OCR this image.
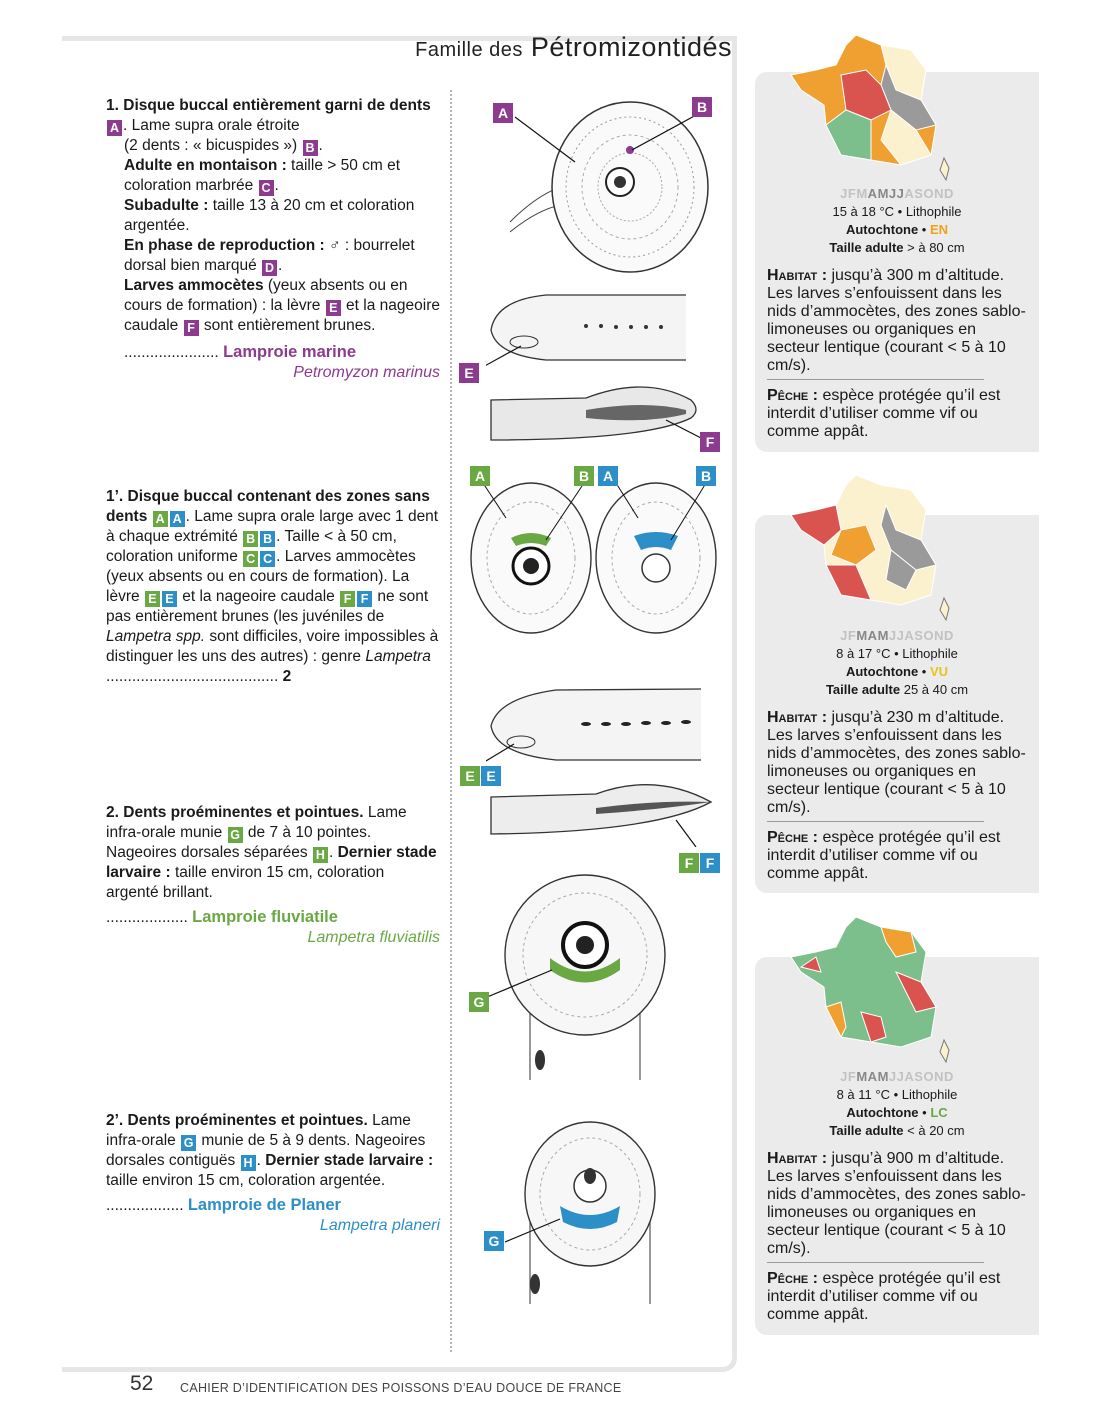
Famille des Pétromizontidés
1. Disque buccal entièrement garni de dents A . Lame supra orale étroite
(2 dents : « bicuspides ») B .
Adulte en montaison : taille > 50 cm et coloration marbrée C .
Subadulte : taille 13 à 20 cm et coloration argentée.
En phase de reproduction : ♂ : bourrelet dorsal bien marqué D .
Larves ammocètes (yeux absents ou en cours de formation) : la lèvre E et la nageoire caudale F sont entièrement brunes.
...................... Lamproie marine
Petromyzon marinus
1’. Disque buccal contenant des zones sans dents A A . Lame supra orale large avec 1 dent à chaque extrémité B B . Taille < à 50 cm, coloration uniforme C C . Larves ammocètes (yeux absents ou en cours de formation). La lèvre E E et la nageoire caudale F F ne sont pas entièrement brunes (les juvéniles de Lampetra spp. sont difficiles, voire impossibles à distinguer les uns des autres) : genre Lampetra
........................................ 2
2. Dents proéminentes et pointues. Lame infra-orale munie G de 7 à 10 pointes. Nageoires dorsales séparées H . Dernier stade larvaire : taille environ 15 cm, coloration argenté brillant.
................... Lamproie fluviatile
Lampetra fluviatilis
2’. Dents proéminentes et pointues. Lame infra-orale G munie de 5 à 9 dents. Nageoires dorsales contiguës H . Dernier stade larvaire : taille environ 15 cm, coloration argentée.
.................. Lamproie de Planer
Lampetra planeri
A	B
E
F
A	B A	B
E E
F F
G
G
JFMAMJJASOND
15 à 18 °C • Lithophile
Autochtone • EN
Taille adulte > à 80 cm
Habitat : jusqu’à 300 m d’altitude. Les larves s’enfouissent dans les nids d’ammocètes, des zones sablo-limoneuses ou organiques en secteur lentique (courant < 5 à 10 cm/s).
Pêche : espèce protégée qu’il est interdit d’utiliser comme vif ou comme appât.
JFMAMJJASOND
8 à 17 °C • Lithophile
Autochtone • VU
Taille adulte 25 à 40 cm
Habitat : jusqu’à 230 m d’altitude. Les larves s’enfouissent dans les nids d’ammocètes, des zones sablo-limoneuses ou organiques en secteur lentique (courant < 5 à 10 cm/s).
Pêche : espèce protégée qu’il est interdit d’utiliser comme vif ou comme appât.
JFMAMJJASOND
8 à 11 °C • Lithophile
Autochtone • LC
Taille adulte < à 20 cm
Habitat : jusqu’à 900 m d’altitude. Les larves s’enfouissent dans les nids d’ammocètes, des zones sablo-limoneuses ou organiques en secteur lentique (courant < 5 à 10 cm/s).
Pêche : espèce protégée qu’il est interdit d’utiliser comme vif ou comme appât.
52 CAHIER D’IDENTIFICATION DES POISSONS D’EAU DOUCE DE FRANCE
